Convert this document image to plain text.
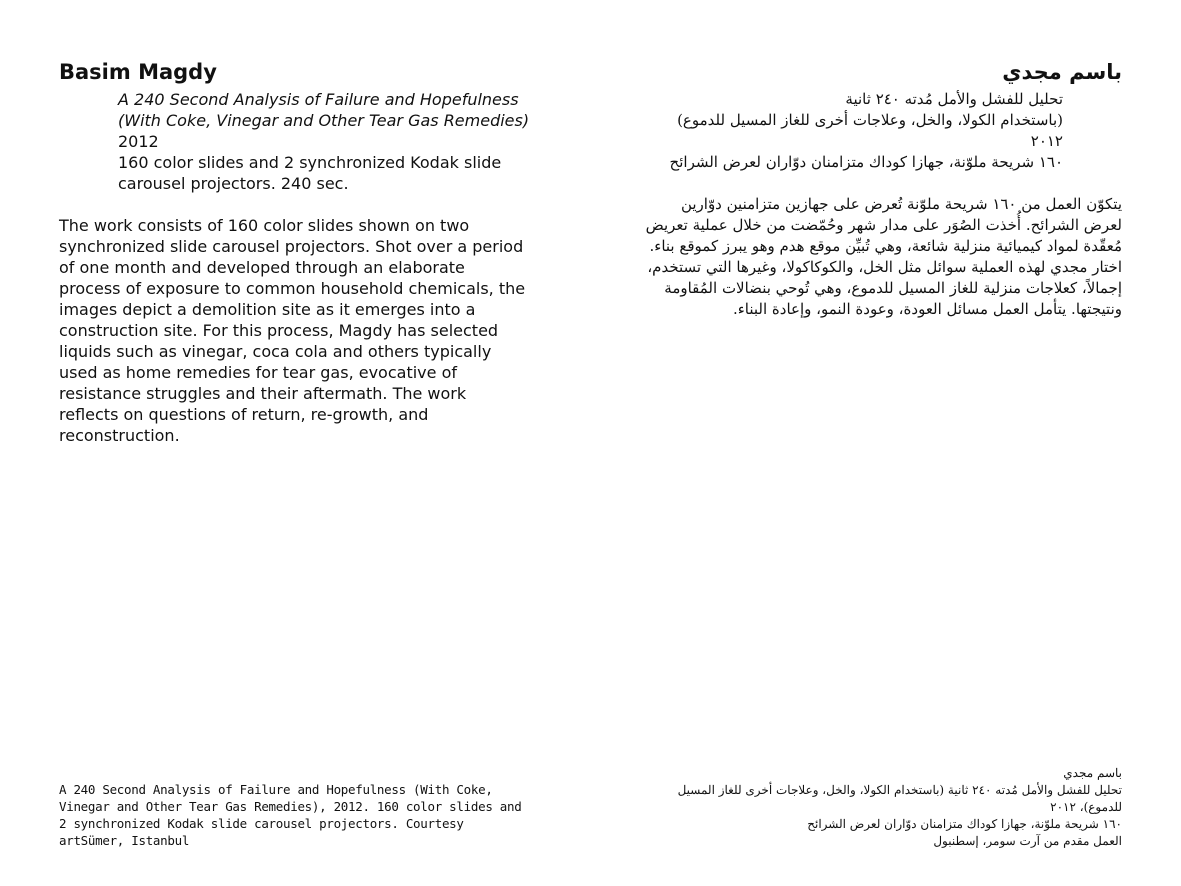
Basim Magdy
A 240 Second Analysis of Failure and Hopefulness
(With Coke, Vinegar and Other Tear Gas Remedies)
2012
160 color slides and 2 synchronized Kodak slide carousel projectors. 240 sec.

The work consists of 160 color slides shown on two synchronized slide carousel projectors. Shot over a period of one month and developed through an elaborate process of exposure to common household chemicals, the images depict a demolition site as it emerges into a construction site. For this process, Magdy has selected liquids such as vinegar, coca cola and others typically used as home remedies for tear gas, evocative of resistance struggles and their aftermath. The work reflects on questions of return, re-growth, and reconstruction.

باسم مجدي
تحليل للفشل والأمل مُدته ٢٤٠ ثانية
(باستخدام الكولا، والخل، وعلاجات أخرى للغاز المسيل للدموع)
٢٠١٢
١٦٠ شريحة ملوّنة، جهازا كوداك متزامنان دوّاران لعرض الشرائح

يتكوّن العمل من ١٦٠ شريحة ملوّنة تُعرض على جهازين متزامنين دوّارين لعرض الشرائح. أُخذت الصُوَر على مدار شهر وحُمّضت من خلال عملية تعريض مُعقّدة لمواد كيميائية منزلية شائعة، وهي تُبيِّن موقع هدم وهو يبرز كموقع بناء. اختار مجدي لهذه العملية سوائل مثل الخل، والكوكاكولا، وغيرها التي تستخدم، إجمالاً، كعلاجات منزلية للغاز المسيل للدموع، وهي تُوحي بنضالات المُقاومة ونتيجتها. يتأمل العمل مسائل العودة، وعودة النمو، وإعادة البناء.

A 240 Second Analysis of Failure and Hopefulness (With Coke, Vinegar and Other Tear Gas Remedies), 2012. 160 color slides and 2 synchronized Kodak slide carousel projectors. Courtesy artSümer, Istanbul
باسم مجدي
تحليل للفشل والأمل مُدته ٢٤٠ ثانية (باستخدام الكولا، والخل، وعلاجات أخرى للغاز المسيل للدموع)، ٢٠١٢
١٦٠ شريحة ملوّنة، جهازا كوداك متزامنان دوّاران لعرض الشرائح
العمل مقدم من آرت سومر، إسطنبول
